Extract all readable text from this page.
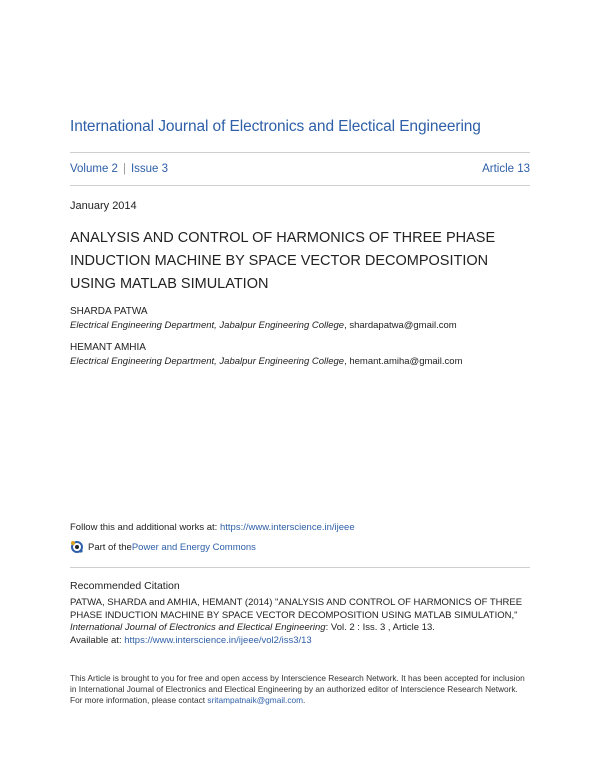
International Journal of Electronics and Electical Engineering
Volume 2 | Issue 3	Article 13
January 2014
ANALYSIS AND CONTROL OF HARMONICS OF THREE PHASE INDUCTION MACHINE BY SPACE VECTOR DECOMPOSITION USING MATLAB SIMULATION
SHARDA PATWA
Electrical Engineering Department, Jabalpur Engineering College, shardapatwa@gmail.com
HEMANT AMHIA
Electrical Engineering Department, Jabalpur Engineering College, hemant.amiha@gmail.com
Follow this and additional works at: https://www.interscience.in/ijeee
Part of the Power and Energy Commons
Recommended Citation
PATWA, SHARDA and AMHIA, HEMANT (2014) "ANALYSIS AND CONTROL OF HARMONICS OF THREE PHASE INDUCTION MACHINE BY SPACE VECTOR DECOMPOSITION USING MATLAB SIMULATION,"
International Journal of Electronics and Electical Engineering: Vol. 2 : Iss. 3 , Article 13.
Available at: https://www.interscience.in/ijeee/vol2/iss3/13
This Article is brought to you for free and open access by Interscience Research Network. It has been accepted for inclusion in International Journal of Electronics and Electical Engineering by an authorized editor of Interscience Research Network. For more information, please contact sritampatnaik@gmail.com.
